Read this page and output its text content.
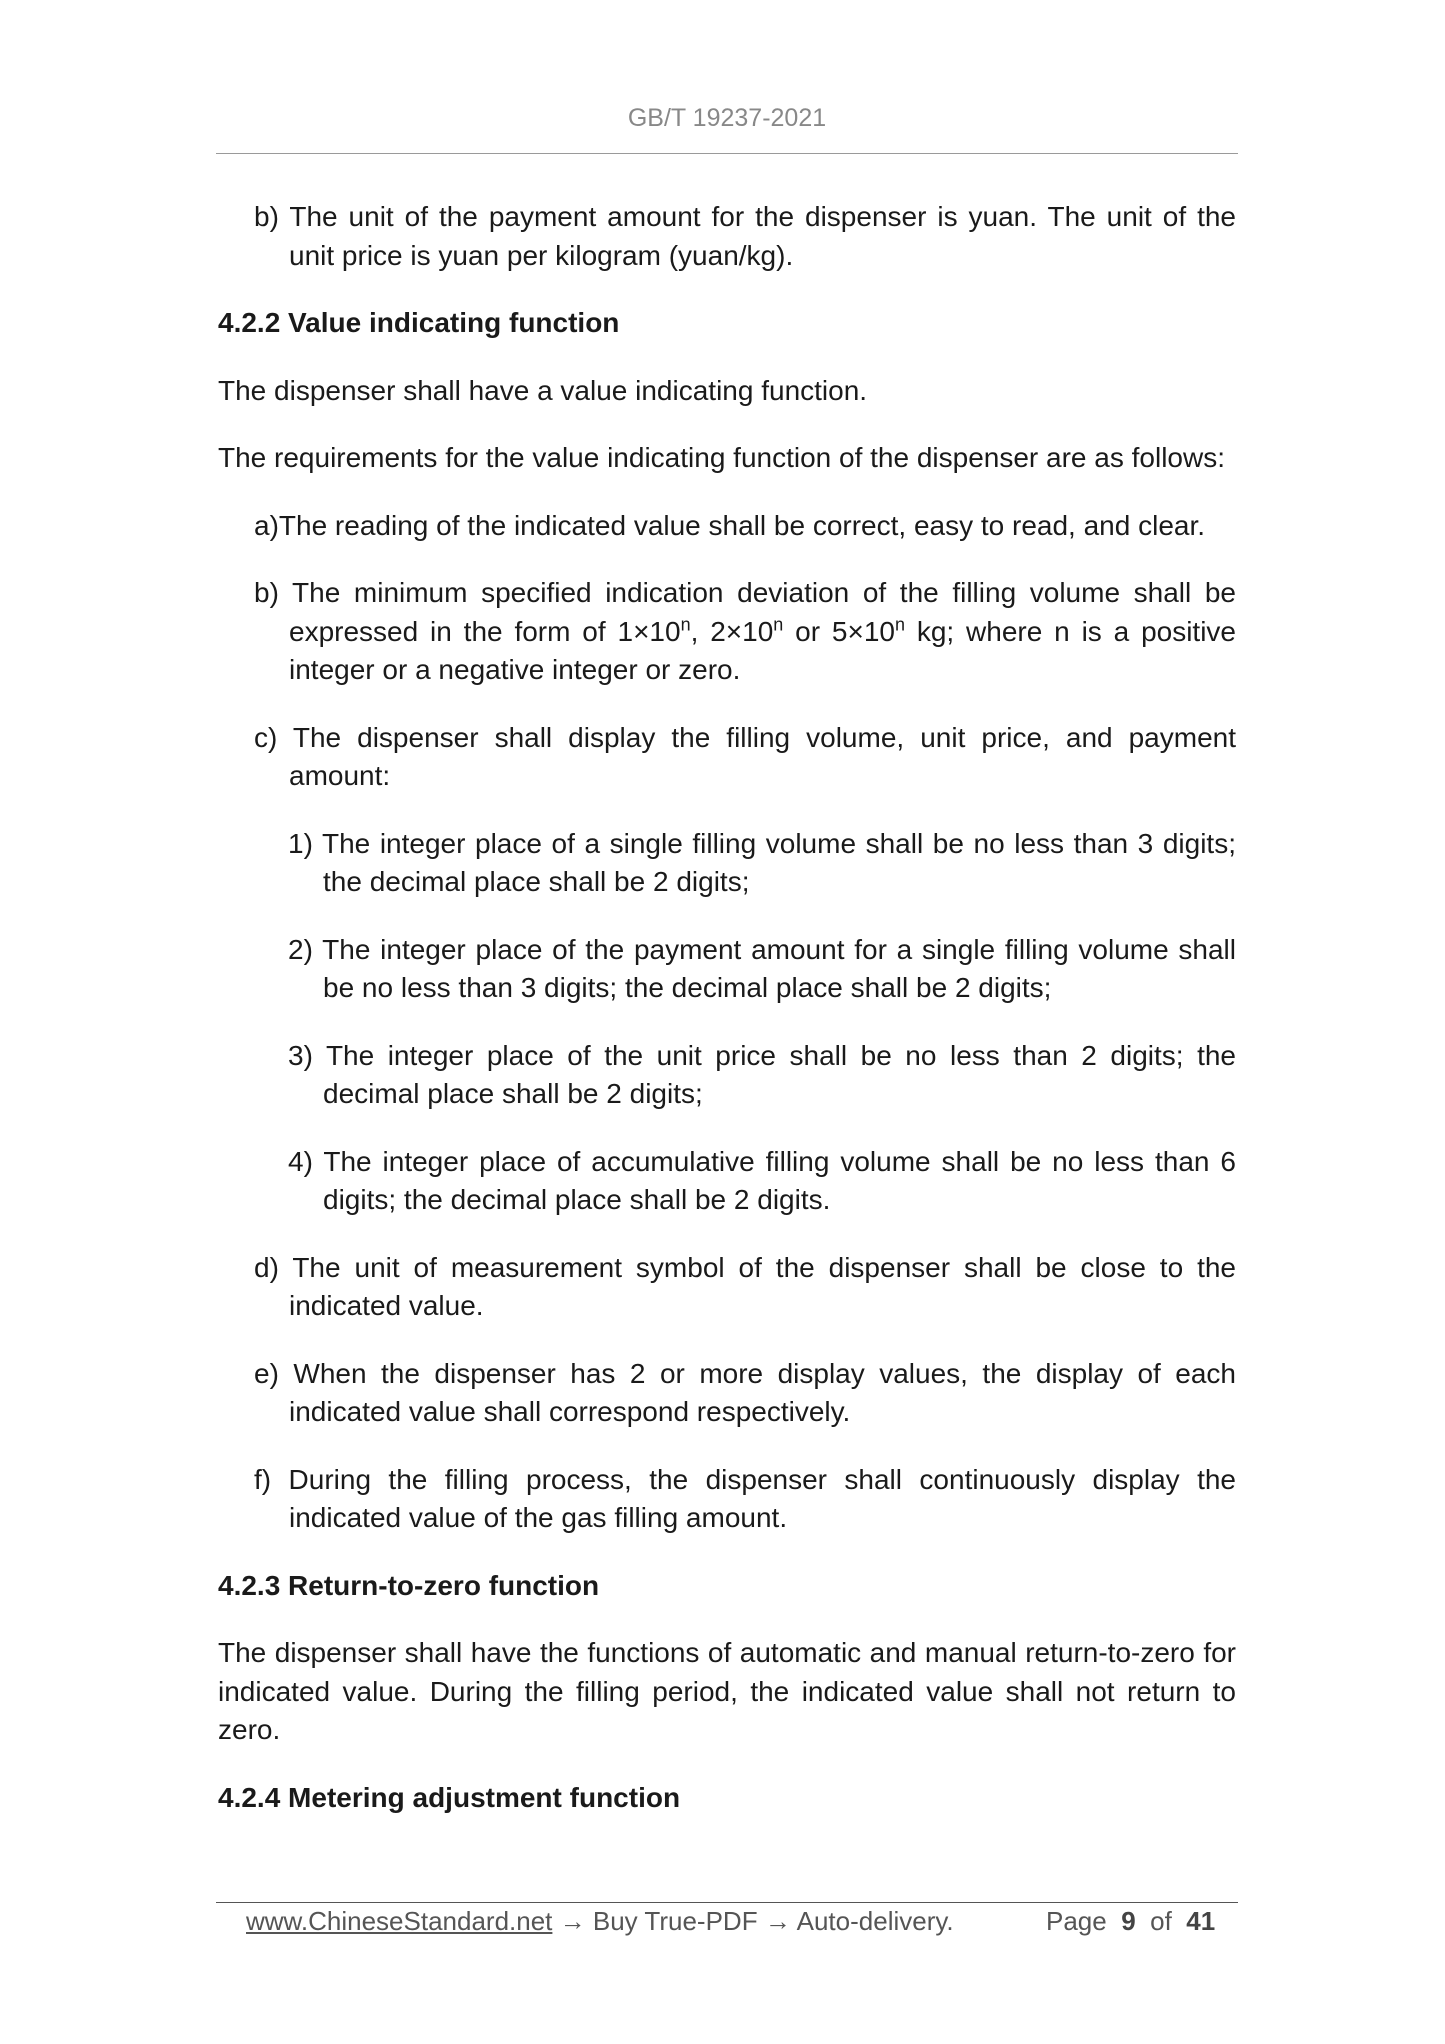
GB/T 19237-2021
b) The unit of the payment amount for the dispenser is yuan. The unit of the unit price is yuan per kilogram (yuan/kg).
4.2.2 Value indicating function
The dispenser shall have a value indicating function.
The requirements for the value indicating function of the dispenser are as follows:
a)The reading of the indicated value shall be correct, easy to read, and clear.
b) The minimum specified indication deviation of the filling volume shall be expressed in the form of $1\times 10^n$, $2\times 10^n$ or $5\times 10^n$ kg; where n is a positive integer or a negative integer or zero.
c) The dispenser shall display the filling volume, unit price, and payment amount:
1) The integer place of a single filling volume shall be no less than 3 digits; the decimal place shall be 2 digits;
2) The integer place of the payment amount for a single filling volume shall be no less than 3 digits; the decimal place shall be 2 digits;
3) The integer place of the unit price shall be no less than 2 digits; the decimal place shall be 2 digits;
4) The integer place of accumulative filling volume shall be no less than 6 digits; the decimal place shall be 2 digits.
d) The unit of measurement symbol of the dispenser shall be close to the indicated value.
e) When the dispenser has 2 or more display values, the display of each indicated value shall correspond respectively.
f) During the filling process, the dispenser shall continuously display the indicated value of the gas filling amount.
4.2.3 Return-to-zero function
The dispenser shall have the functions of automatic and manual return-to-zero for indicated value. During the filling period, the indicated value shall not return to zero.
4.2.4 Metering adjustment function
www.ChineseStandard.net → Buy True-PDF → Auto-delivery.	Page 9 of 41
